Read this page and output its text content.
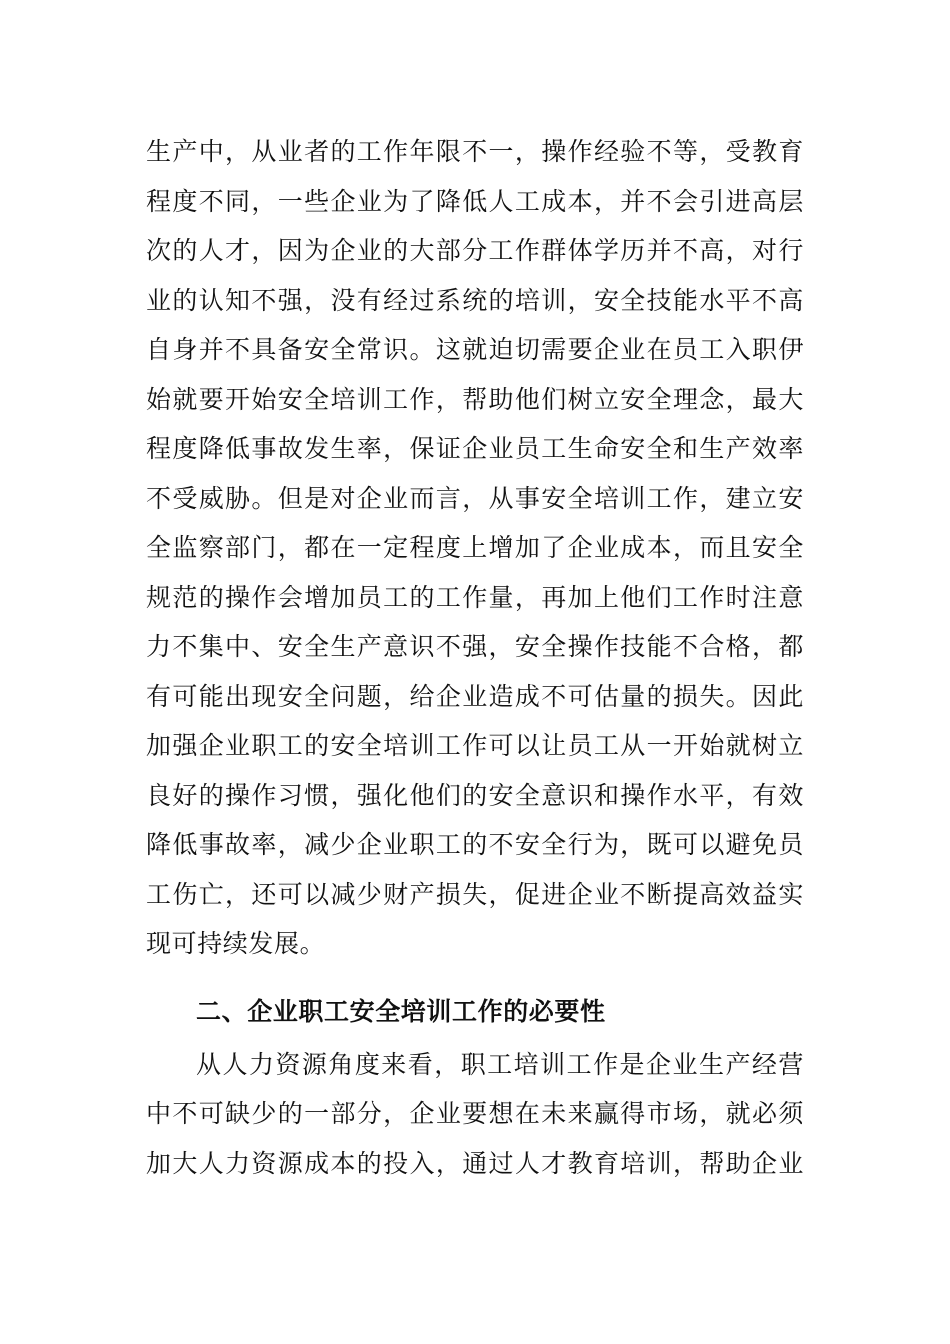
生产中，从业者的工作年限不一，操作经验不等，受教育
程度不同，一些企业为了降低人工成本，并不会引进高层
次的人才，因为企业的大部分工作群体学历并不高，对行
业的认知不强，没有经过系统的培训，安全技能水平不高
自身并不具备安全常识。这就迫切需要企业在员工入职伊
始就要开始安全培训工作，帮助他们树立安全理念，最大
程度降低事故发生率，保证企业员工生命安全和生产效率
不受威胁。但是对企业而言，从事安全培训工作，建立安
全监察部门，都在一定程度上增加了企业成本，而且安全
规范的操作会增加员工的工作量，再加上他们工作时注意
力不集中、安全生产意识不强，安全操作技能不合格，都
有可能出现安全问题，给企业造成不可估量的损失。因此
加强企业职工的安全培训工作可以让员工从一开始就树立
良好的操作习惯，强化他们的安全意识和操作水平，有效
降低事故率，减少企业职工的不安全行为，既可以避免员
工伤亡，还可以减少财产损失，促进企业不断提高效益实
现可持续发展。
二、企业职工安全培训工作的必要性
从人力资源角度来看，职工培训工作是企业生产经营
中不可缺少的一部分，企业要想在未来赢得市场，就必须
加大人力资源成本的投入，通过人才教育培训，帮助企业
